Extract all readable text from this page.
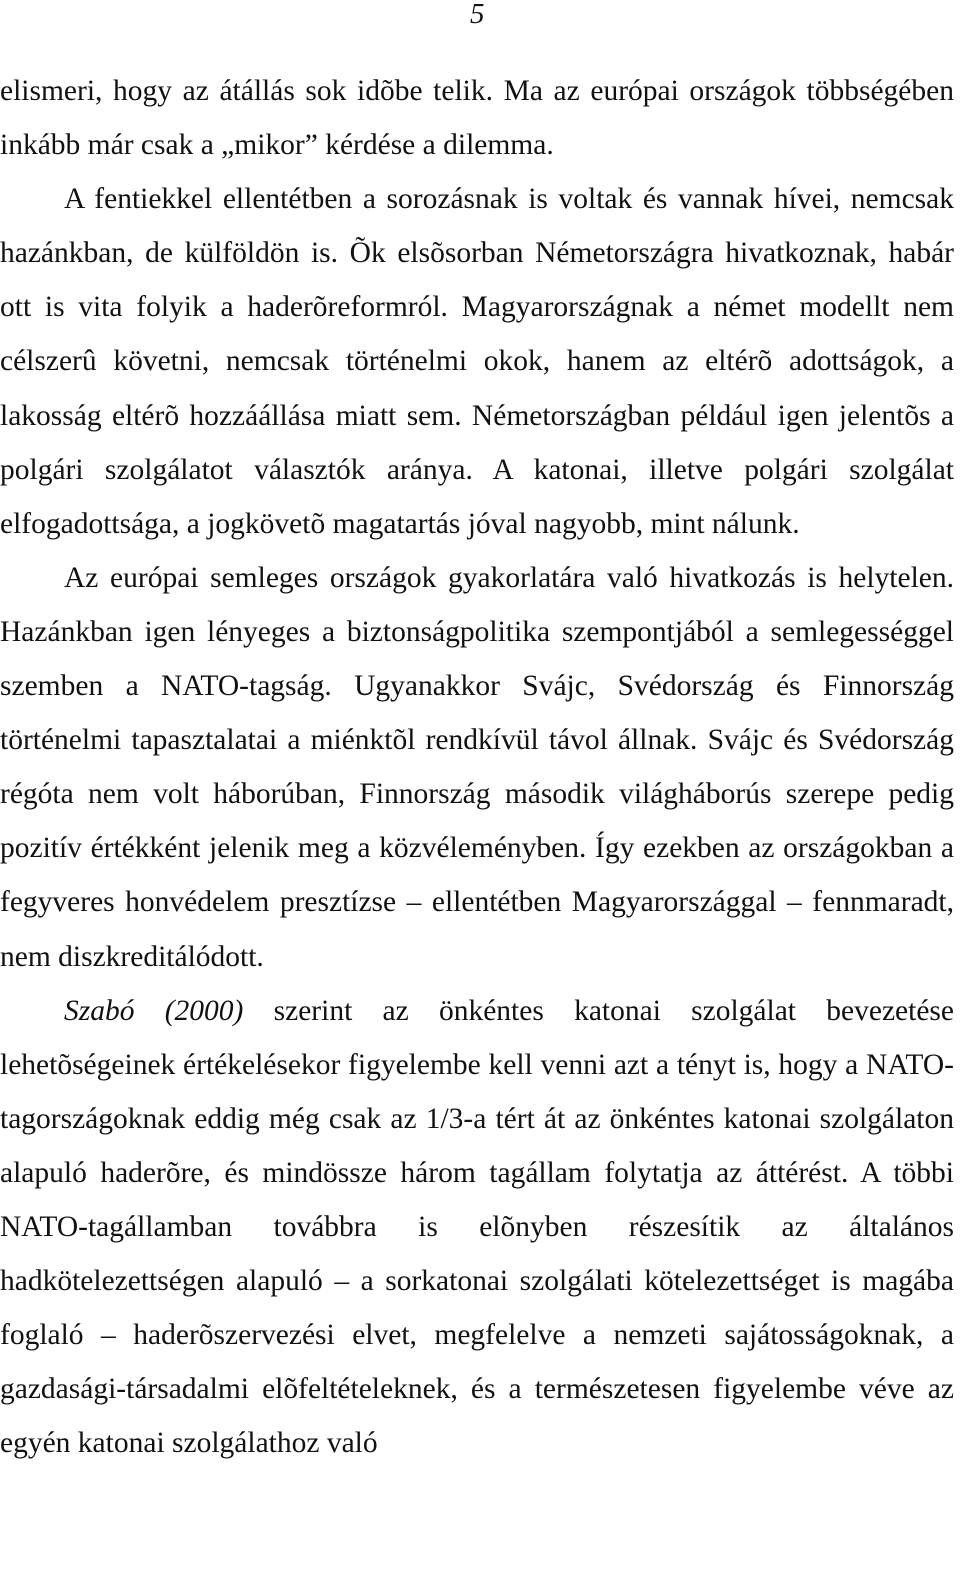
5

elismeri, hogy az átállás sok idõbe telik. Ma az európai országok többségében inkább már csak a „mikor” kérdése a dilemma.

A fentiekkel ellentétben a sorozásnak is voltak és vannak hívei, nemcsak hazánkban, de külföldön is. Õk elsõsorban Németországra hivatkoznak, habár ott is vita folyik a haderõreformról. Magyarországnak a német modellt nem célszerû követni, nemcsak történelmi okok, hanem az eltérõ adottságok, a lakosság eltérõ hozzáállása miatt sem. Németországban például igen jelentõs a polgári szolgálatot választók aránya. A katonai, illetve polgári szolgálat elfogadottsága, a jogkövetõ magatartás jóval nagyobb, mint nálunk.

Az európai semleges országok gyakorlatára való hivatkozás is helytelen. Hazánkban igen lényeges a biztonságpolitika szempontjából a semlegességgel szemben a NATO-tagság. Ugyanakkor Svájc, Svédország és Finnország történelmi tapasztalatai a miénktõl rendkívül távol állnak. Svájc és Svédország régóta nem volt háborúban, Finnország második világháborús szerepe pedig pozitív értékként jelenik meg a közvéleményben. Így ezekben az országokban a fegyveres honvédelem presztízse – ellentétben Magyarországgal – fennmaradt, nem diszkreditálódott.

Szabó (2000) szerint az önkéntes katonai szolgálat bevezetése lehetõségeinek értékelésekor figyelembe kell venni azt a tényt is, hogy a NATO-tagországoknak eddig még csak az 1/3-a tért át az önkéntes katonai szolgálaton alapuló haderõre, és mindössze három tagállam folytatja az áttérést. A többi NATO-tagállamban továbbra is elõnyben részesítik az általános hadkötelezettségen alapuló – a sorkatonai szolgálati kötelezettséget is magába foglaló – haderõszervezési elvet, megfelelve a nemzeti sajátosságoknak, a gazdasági-társadalmi elõfeltételeknek, és a természetesen figyelembe véve az egyén katonai szolgálathoz való
